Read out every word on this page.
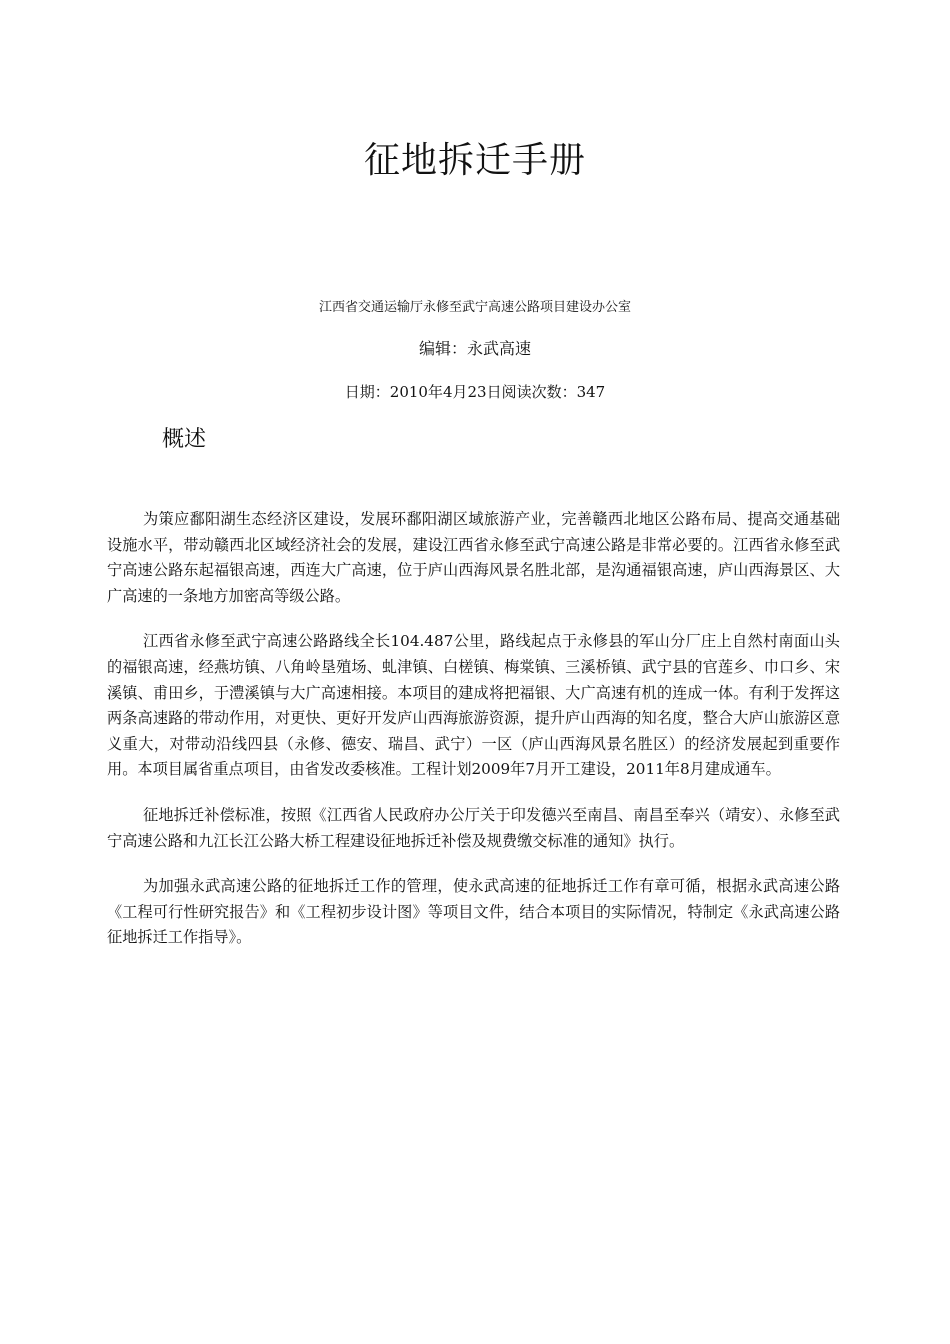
征地拆迁手册
江西省交通运输厅永修至武宁高速公路项目建设办公室
编辑：永武高速
日期：2010年4月23日阅读次数：347
概述

为策应鄱阳湖生态经济区建设，发展环鄱阳湖区域旅游产业，完善赣西北地区公路布局、提高交通基础设施水平，带动赣西北区域经济社会的发展，建设江西省永修至武宁高速公路是非常必要的。江西省永修至武宁高速公路东起福银高速，西连大广高速，位于庐山西海风景名胜北部，是沟通福银高速，庐山西海景区、大广高速的一条地方加密高等级公路。

江西省永修至武宁高速公路路线全长104.487公里，路线起点于永修县的军山分厂庄上自然村南面山头的福银高速，经燕坊镇、八角岭垦殖场、虬津镇、白槎镇、梅棠镇、三溪桥镇、武宁县的官莲乡、巾口乡、宋溪镇、甫田乡，于澧溪镇与大广高速相接。本项目的建成将把福银、大广高速有机的连成一体。有利于发挥这两条高速路的带动作用，对更快、更好开发庐山西海旅游资源，提升庐山西海的知名度，整合大庐山旅游区意义重大，对带动沿线四县（永修、德安、瑞昌、武宁）一区（庐山西海风景名胜区）的经济发展起到重要作用。本项目属省重点项目，由省发改委核准。工程计划2009年7月开工建设，2011年8月建成通车。

征地拆迁补偿标准，按照《江西省人民政府办公厅关于印发德兴至南昌、南昌至奉兴（靖安）、永修至武宁高速公路和九江长江公路大桥工程建设征地拆迁补偿及规费缴交标准的通知》执行。

为加强永武高速公路的征地拆迁工作的管理，使永武高速的征地拆迁工作有章可循，根据永武高速公路《工程可行性研究报告》和《工程初步设计图》等项目文件，结合本项目的实际情况，特制定《永武高速公路征地拆迁工作指导》。
